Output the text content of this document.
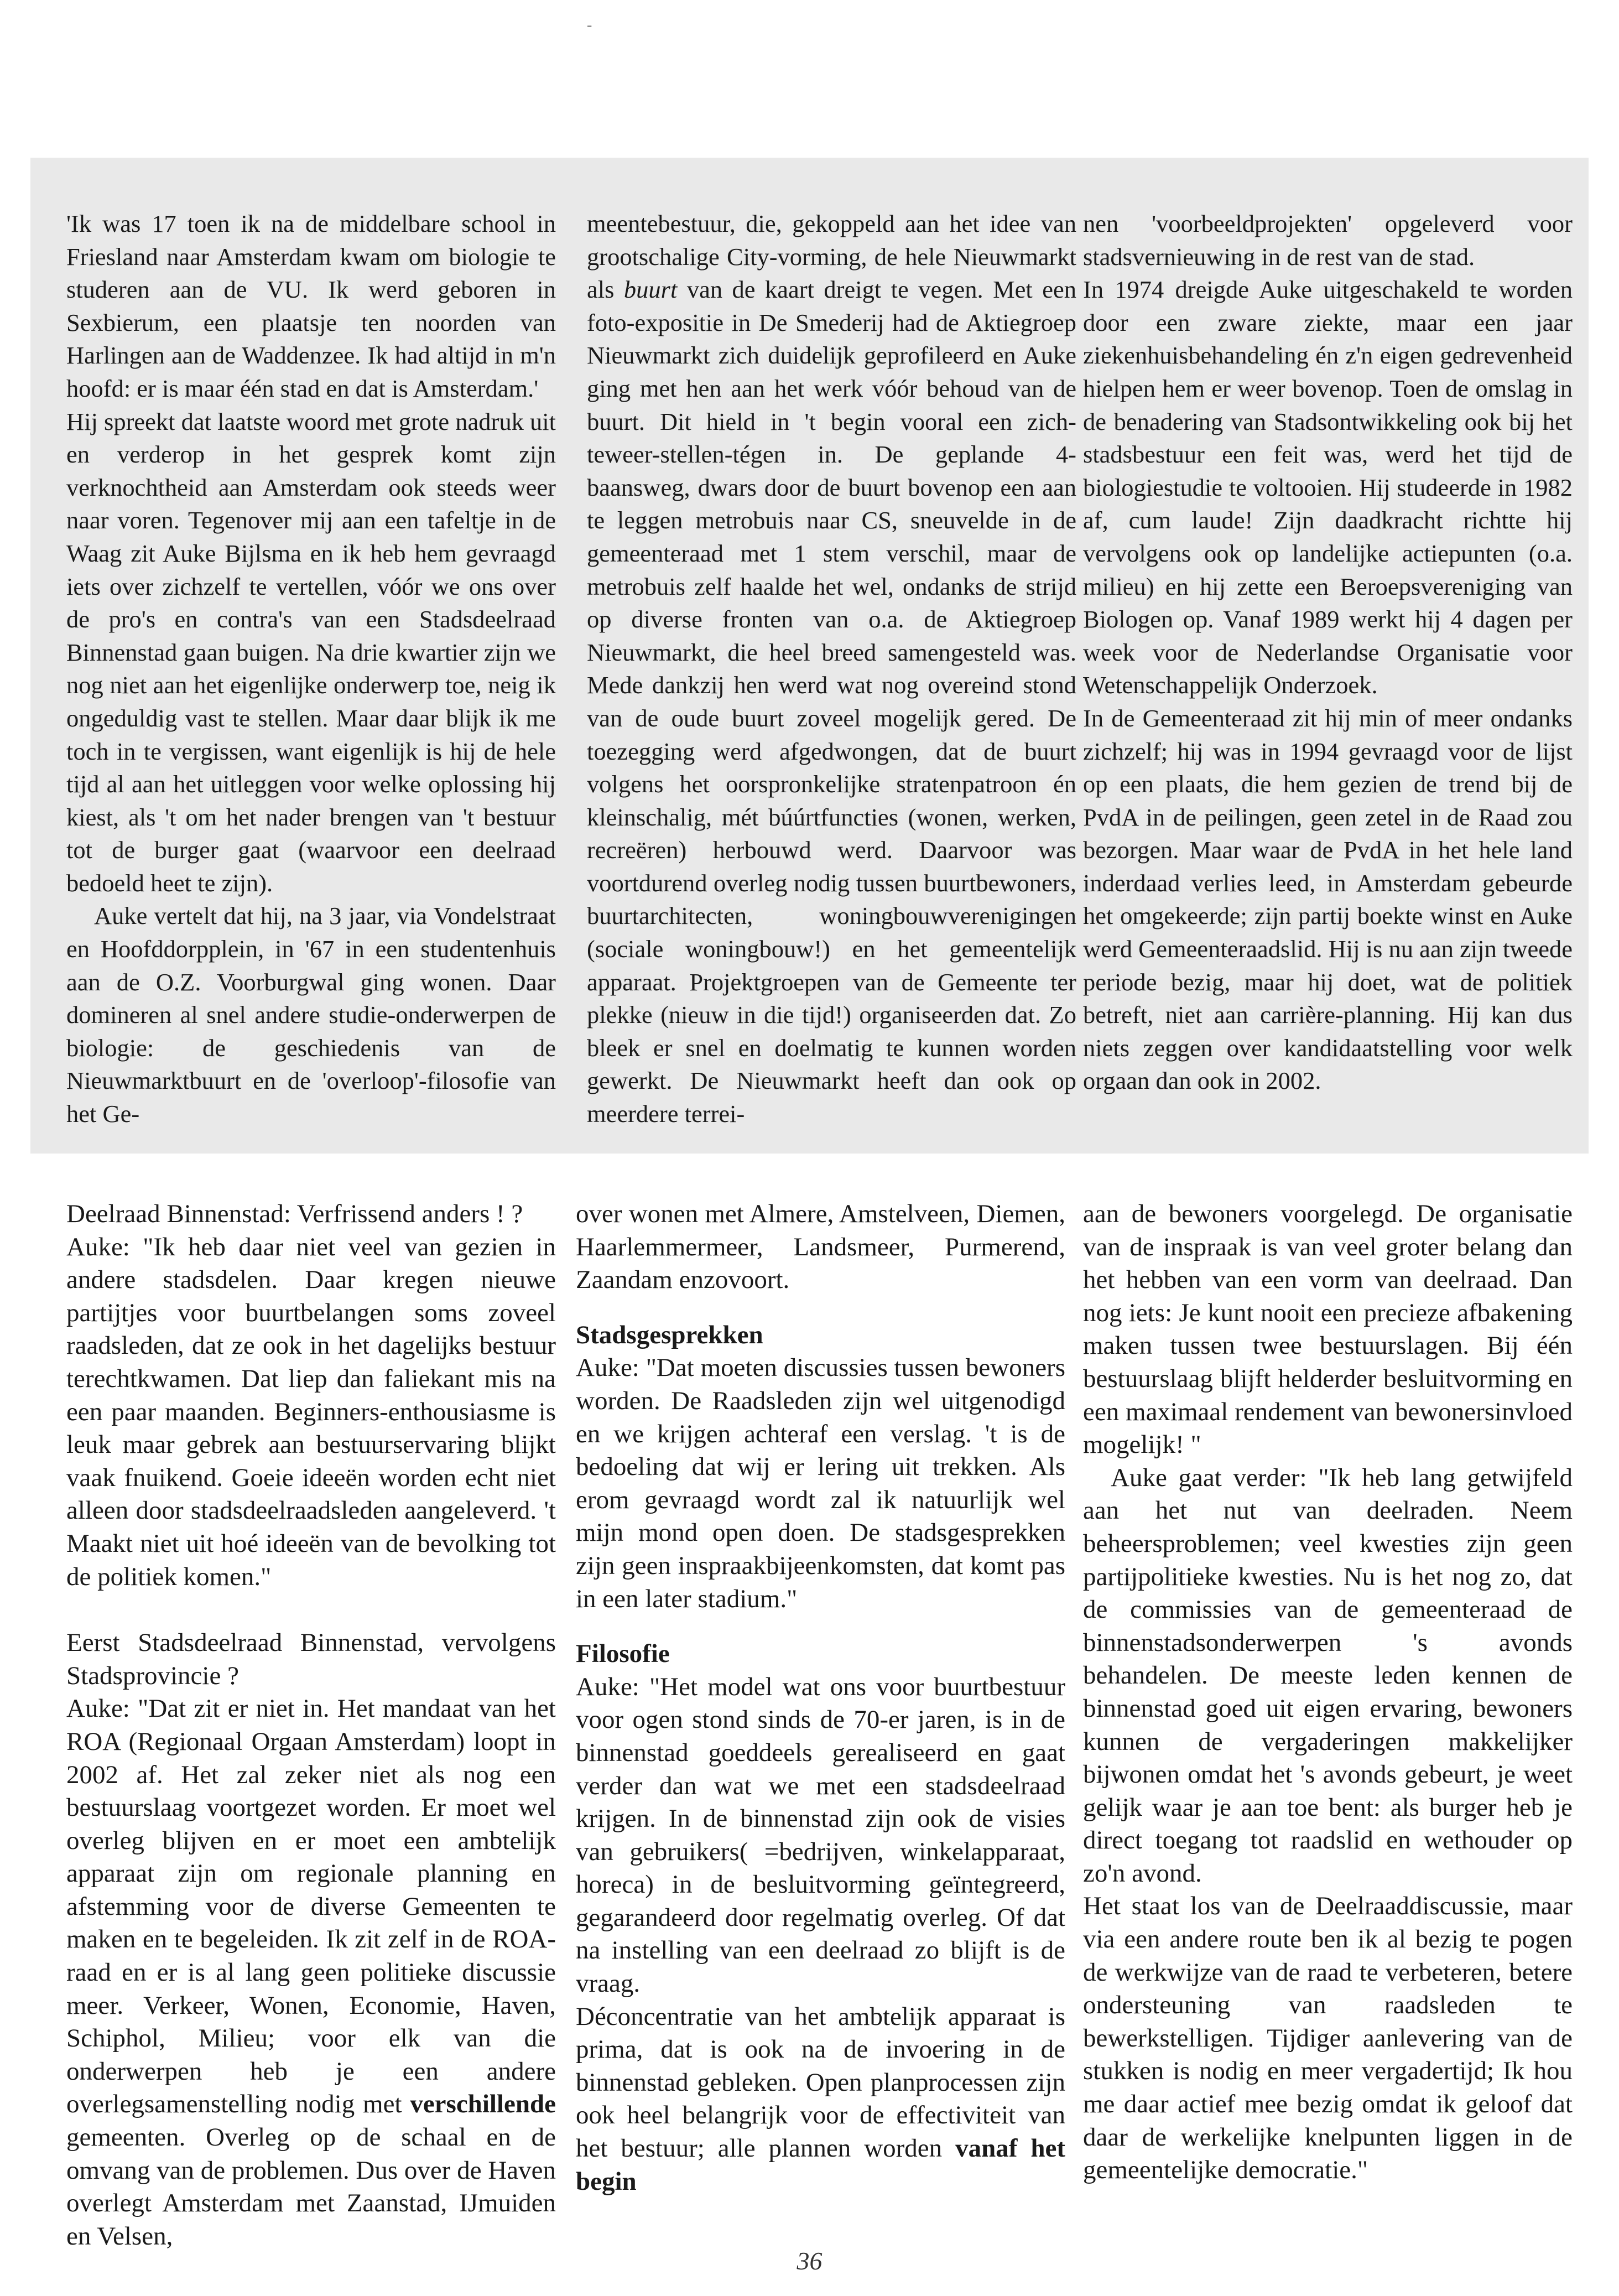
-

'Ik was 17 toen ik na de middelbare school in Friesland naar Amsterdam kwam om biologie te studeren aan de VU. Ik werd geboren in Sexbierum, een plaatsje ten noorden van Harlingen aan de Waddenzee. Ik had altijd in m'n hoofd: er is maar één stad en dat is Amsterdam.'

Hij spreekt dat laatste woord met grote nadruk uit en verderop in het gesprek komt zijn verknochtheid aan Amsterdam ook steeds weer naar voren. Tegenover mij aan een tafeltje in de Waag zit Auke Bijlsma en ik heb hem gevraagd iets over zichzelf te vertellen, vóór we ons over de pro's en contra's van een Stadsdeelraad Binnenstad gaan buigen. Na drie kwartier zijn we nog niet aan het eigenlijke onderwerp toe, neig ik ongeduldig vast te stellen. Maar daar blijk ik me toch in te vergissen, want eigenlijk is hij de hele tijd al aan het uitleggen voor welke oplossing hij kiest, als 't om het nader brengen van 't bestuur tot de burger gaat (waarvoor een deelraad bedoeld heet te zijn).

Auke vertelt dat hij, na 3 jaar, via Vondelstraat en Hoofddorpplein, in '67 in een studentenhuis aan de O.Z. Voorburgwal ging wonen. Daar domineren al snel andere studie-onderwerpen de biologie: de geschiedenis van de Nieuwmarktbuurt en de 'overloop'-filosofie van het Ge-

meentebestuur, die, gekoppeld aan het idee van grootschalige City-vorming, de hele Nieuwmarkt als buurt van de kaart dreigt te vegen. Met een foto-expositie in De Smederij had de Aktiegroep Nieuwmarkt zich duidelijk geprofileerd en Auke ging met hen aan het werk vóór behoud van de buurt. Dit hield in 't begin vooral een zich-teweer-stellen-tégen in. De geplande 4-baansweg, dwars door de buurt bovenop een aan te leggen metrobuis naar CS, sneuvelde in de gemeenteraad met 1 stem verschil, maar de metrobuis zelf haalde het wel, ondanks de strijd op diverse fronten van o.a. de Aktiegroep Nieuwmarkt, die heel breed samengesteld was. Mede dankzij hen werd wat nog overeind stond van de oude buurt zoveel mogelijk gered. De toezegging werd afgedwongen, dat de buurt volgens het oorspronkelijke stratenpatroon én kleinschalig, mét búúrtfuncties (wonen, werken, recreëren) herbouwd werd. Daarvoor was voortdurend overleg nodig tussen buurtbewoners, buurtarchitecten, woningbouwverenigingen (sociale woningbouw!) en het gemeentelijk apparaat. Projektgroepen van de Gemeente ter plekke (nieuw in die tijd!) organiseerden dat. Zo bleek er snel en doelmatig te kunnen worden gewerkt. De Nieuwmarkt heeft dan ook op meerdere terrei-

nen 'voorbeeldprojekten' opgeleverd voor stadsvernieuwing in de rest van de stad.

In 1974 dreigde Auke uitgeschakeld te worden door een zware ziekte, maar een jaar ziekenhuisbehandeling én z'n eigen gedrevenheid hielpen hem er weer bovenop. Toen de omslag in de benadering van Stadsontwikkeling ook bij het stadsbestuur een feit was, werd het tijd de biologiestudie te voltooien. Hij studeerde in 1982 af, cum laude! Zijn daadkracht richtte hij vervolgens ook op landelijke actiepunten (o.a. milieu) en hij zette een Beroepsvereniging van Biologen op. Vanaf 1989 werkt hij 4 dagen per week voor de Nederlandse Organisatie voor Wetenschappelijk Onderzoek.

In de Gemeenteraad zit hij min of meer ondanks zichzelf; hij was in 1994 gevraagd voor de lijst op een plaats, die hem gezien de trend bij de PvdA in de peilingen, geen zetel in de Raad zou bezorgen. Maar waar de PvdA in het hele land inderdaad verlies leed, in Amsterdam gebeurde het omgekeerde; zijn partij boekte winst en Auke werd Gemeenteraadslid. Hij is nu aan zijn tweede periode bezig, maar hij doet, wat de politiek betreft, niet aan carrière-planning. Hij kan dus niets zeggen over kandidaatstelling voor welk orgaan dan ook in 2002.

Deelraad Binnenstad: Verfrissend anders ! ?

Auke: "Ik heb daar niet veel van gezien in andere stadsdelen. Daar kregen nieuwe partijtjes voor buurtbelangen soms zoveel raadsleden, dat ze ook in het dagelijks bestuur terechtkwamen. Dat liep dan faliekant mis na een paar maanden. Beginners-enthousiasme is leuk maar gebrek aan bestuurservaring blijkt vaak fnuikend. Goeie ideeën worden echt niet alleen door stadsdeelraadsleden aangeleverd. 't Maakt niet uit hoé ideeën van de bevolking tot de politiek komen."

Eerst Stadsdeelraad Binnenstad, vervolgens Stadsprovincie ?

Auke: "Dat zit er niet in. Het mandaat van het ROA (Regionaal Orgaan Amsterdam) loopt in 2002 af. Het zal zeker niet als nog een bestuurslaag voortgezet worden. Er moet wel overleg blijven en er moet een ambtelijk apparaat zijn om regionale planning en afstemming voor de diverse Gemeenten te maken en te begeleiden. Ik zit zelf in de ROA-raad en er is al lang geen politieke discussie meer. Verkeer, Wonen, Economie, Haven, Schiphol, Milieu; voor elk van die onderwerpen heb je een andere overlegsamenstelling nodig met verschillende gemeenten. Overleg op de schaal en de omvang van de problemen. Dus over de Haven overlegt Amsterdam met Zaanstad, IJmuiden en Velsen,

over wonen met Almere, Amstelveen, Diemen, Haarlemmermeer, Landsmeer, Purmerend, Zaandam enzovoort.

Stadsgesprekken

Auke: "Dat moeten discussies tussen bewoners worden. De Raadsleden zijn wel uitgenodigd en we krijgen achteraf een verslag. 't is de bedoeling dat wij er lering uit trekken. Als erom gevraagd wordt zal ik natuurlijk wel mijn mond open doen. De stadsgesprekken zijn geen inspraakbijeenkomsten, dat komt pas in een later stadium."

Filosofie

Auke: "Het model wat ons voor buurtbestuur voor ogen stond sinds de 70-er jaren, is in de binnenstad goeddeels gerealiseerd en gaat verder dan wat we met een stadsdeelraad krijgen. In de binnenstad zijn ook de visies van gebruikers( =bedrijven, winkelapparaat, horeca) in de besluitvorming geïntegreerd, gegarandeerd door regelmatig overleg. Of dat na instelling van een deelraad zo blijft is de vraag.

Déconcentratie van het ambtelijk apparaat is prima, dat is ook na de invoering in de binnenstad gebleken. Open planprocessen zijn ook heel belangrijk voor de effectiviteit van het bestuur; alle plannen worden vanaf het begin

aan de bewoners voorgelegd. De organisatie van de inspraak is van veel groter belang dan het hebben van een vorm van deelraad. Dan nog iets: Je kunt nooit een precieze afbakening maken tussen twee bestuurslagen. Bij één bestuurslaag blijft helderder besluitvorming en een maximaal rendement van bewonersinvloed mogelijk! "

Auke gaat verder: "Ik heb lang getwijfeld aan het nut van deelraden. Neem beheersproblemen; veel kwesties zijn geen partijpolitieke kwesties. Nu is het nog zo, dat de commissies van de gemeenteraad de binnenstadsonderwerpen 's avonds behandelen. De meeste leden kennen de binnenstad goed uit eigen ervaring, bewoners kunnen de vergaderingen makkelijker bijwonen omdat het 's avonds gebeurt, je weet gelijk waar je aan toe bent: als burger heb je direct toegang tot raadslid en wethouder op zo'n avond.

Het staat los van de Deelraaddiscussie, maar via een andere route ben ik al bezig te pogen de werkwijze van de raad te verbeteren, betere ondersteuning van raadsleden te bewerkstelligen. Tijdiger aanlevering van de stukken is nodig en meer vergadertijd; Ik hou me daar actief mee bezig omdat ik geloof dat daar de werkelijke knelpunten liggen in de gemeentelijke democratie."

36
